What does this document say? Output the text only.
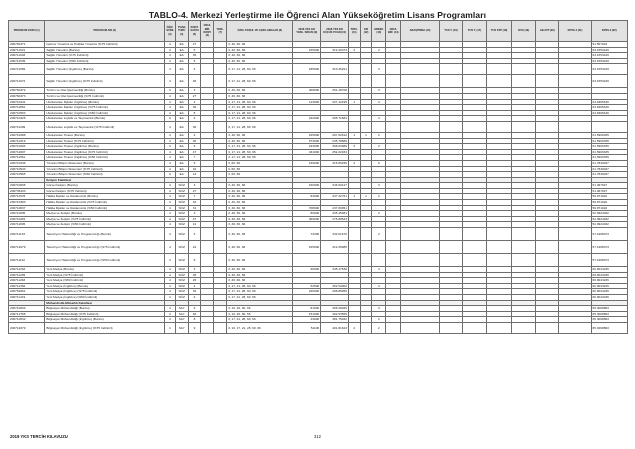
TABLO-4. Merkezi Yerleştirme ile Öğrenci Alan Yükseköğretim Lisans Programları
PROGRAM KODU (1)	PROGRAM ADI (2)	ÖĞR. SÜRE (3)	PUAN TÜRÜ (4)	KONT. SAYISI (5)	OKUL BİR. KONT. (6)	YERL. (7)	ÖZEL KOŞUL VE AÇIKLAMALAR (8)	2018-YKS ILK YERL. SIRASI (9)	2018-YKS EN KÜÇÜK PUAN (10)	TOPL. (11)	KIZ (12)	ERKEK (13)	OKUL BİR. (14)	ARAŞTIRMA (15)	TUS T. (16)	TUS T. (17)	TUS KTP (18)	DUS (19)	AB AYP (20)	KPSS-1 (21)	KPSS-2 (22)
200760371	İşletme Yönetimi ve Politika Yönetimi (%75 İndirimli)	4	EA	27			3, 46, 60, 66														51.567024
200711521	Sağlık Yönetimi (Burslu)	4	EA	5			3, 46, 60, 66	165000	312.26373	2		2									63.1553449
200711903	Sağlık Yönetimi (%75 İndirimli)	4	EA	35			3, 46, 60, 66														63.1553449
200711539	Sağlık Yönetimi (%50 İndirimli)	4	EA	5			3, 46, 60, 66														63.1553449
200711669	Sağlık Yönetimi (İngilizce) (Burslu)	4	EA	4			3, 17, 21, 28, 60, 66	185000	310.45221			3									63.1553449
200711672	Sağlık Yönetimi (İngilizce) (%75 İndirimli)	4	EA	36			3, 17, 21, 28, 60, 66														63.1553449
200760372	Turizm ve Otel İşletmeciliği (Burslu)	4	EA	3			3, 46, 60, 66	409000	251.18708			3									
200760373	Turizm ve Otel İşletmeciliği (%75 İndirimli)	4	EA	27			3, 46, 60, 66														
200710241	Uluslararası İlişkiler (İngilizce) (Burslu)	4	EA	4			3, 17, 21, 28, 60, 66	113000	327.12195	1		3									64.6365446
200711861	Uluslararası İlişkiler (İngilizce) (%75 İndirimli)	4	EA	36			3, 17, 21, 28, 60, 66														64.6365446
200710503	Uluslararası İlişkiler (İngilizce) (%50 İndirimli)	4	EA	5			3, 17, 21, 28, 60, 66														64.6365446
200710426	Uluslararası Lojistik ve Taşımacılık (Burslu)	4	EA	4			3, 17, 21, 28, 60, 66	242000	295.71684			4									
200711009	Uluslararası Lojistik ve Taşımacılık (%75 İndirimli)	4	EA	36			3, 17, 21, 28, 60, 66														
200710288	Uluslararası Ticaret (Burslu)	4	EA	4			3, 46, 60, 66	165000	297.02612	1	1	2									61.5909335
200710219	Uluslararası Ticaret (%75 İndirimli)	4	EA	36			3, 46, 60, 66	573000	235.78686												61.5909335
200710294	Uluslararası Ticaret (İngilizce) (Burslu)	4	EA	6			3, 17, 21, 28, 60, 66	193000	308.03989	2		2									61.5909335
200712007	Uluslararası Ticaret (İngilizce) (%75 İndirimli)	4	EA	47			3, 17, 21, 28, 60, 66	431000	252.22933												61.5909335
200711661	Uluslararası Ticaret (İngilizce) (%50 İndirimli)	4	EA	7			3, 17, 21, 28, 60, 66														61.5909335
200710236	Yönetim Bilişim Sistemleri (Burslu)	4	EA	5			3, 60, 66	139000	316.66156	2		6									61.7849037
200710543	Yönetim Bilişim Sistemleri (%75 İndirimli)	4	EA	32			3, 60, 66														61.7849037
200710595	Yönetim Bilişim Sistemleri (%50 İndirimli)	4	EA	13			3, 60, 66														61.7849037
	İletişim Fakültesi																				
200710695	Görsel İletişim (Burslu)	4	SÖZ	3			3, 46, 60, 66	160000	346.00127			3									51.467947
200735433	Görsel İletişim (%75 İndirimli)	4	SÖZ	27			3, 46, 60, 66														51.467947
200711578	Halkla İlişkiler ve Reklamcılık (Burslu)	4	SÖZ	7			3, 46, 60, 66	83000	347.32761	1	1	2									59.871022
200710303	Halkla İlişkiler ve Reklamcılık (%75 İndirimli)	4	SÖZ	32			3, 46, 60, 66														59.871022
200710637	Halkla İlişkiler ve Reklamcılık (%50 İndirimli)	4	SÖZ	31			3, 46, 60, 66	708000	237.83051												59.871022
200711835	Medya ve İletişim (Burslu)	4	SÖZ	3			3, 46, 60, 66	80000	335.45381			2									52.9924032
200710281	Medya ve İletişim (%75 İndirimli)	4	SÖZ	47			3, 46, 60, 66	369000	275.88623												52.9924032
200711845	Medya ve İletişim (%50 İndirimli)	4	SÖZ	12			3, 46, 60, 66														52.9924032
200711133	Televizyon Haberciliği ve Programcılığı (Burslu)	4	SÖZ	3			3, 46, 60, 66	73400	342.01670			2									57.1968373
200712079	Televizyon Haberciliği ve Programcılığı (%75 İndirimli)	4	SÖZ	24			3, 46, 60, 66	165000	312.25085												57.1968373
200711142	Televizyon Haberciliği ve Programcılığı (%50 İndirimli)	4	SÖZ	5			3, 46, 60, 66														57.1968373
200711264	Yeni Medya (Burslu)	4	SÖZ	3			3, 46, 60, 66	66000	345.17530			4									60.0043236
200711269	Yeni Medya (%75 İndirimli)	4	SÖZ	28			3, 46, 60, 66														60.0043236
200711263	Yeni Medya (%50 İndirimli)	4	SÖZ	26			3, 46, 60, 66														60.0043236
200711462	Yeni Medya (İngilizce) (Burslu)	4	SÖZ	4			3, 17, 21, 28, 60, 66	52500	352.54002			3									60.0043236
200752061	Yeni Medya (İngilizce) (%75 İndirimli)	4	SÖZ	32			3, 17, 21, 28, 60, 66	220000	298.85960												60.0043236
200711419	Yeni Medya (İngilizce) (%50 İndirimli)	4	SÖZ	4			3, 17, 21, 28, 60, 66														60.0043236
	Mühendislik-Mimarlık Fakültesi																				
200710602	Bilgisayar Mühendisliği (Burslu)	4	SAY	6			3, 16, 46, 60, 66	81600	366.29029			3									65.3068893
200712768	Bilgisayar Mühendisliği (%75 İndirimli)	4	SAY	46			3, 16, 46, 60, 66	151000	302.53556												65.3068893
200710632	Bilgisayar Mühendisliği (İngilizce) (Burslu)	4	SAY	8			3, 17, 21, 28, 60, 66	43000	381.75462			2									65.3068893
200712079	Bilgisayar Mühendisliği (İngilizce) (%75 İndirimli)	4	SAY	9			3, 16, 17, 21, 28, 60, 66	51100	401.81623	2		2									65.3068893
2019 YKS TERCİH KILAVUZU	312
